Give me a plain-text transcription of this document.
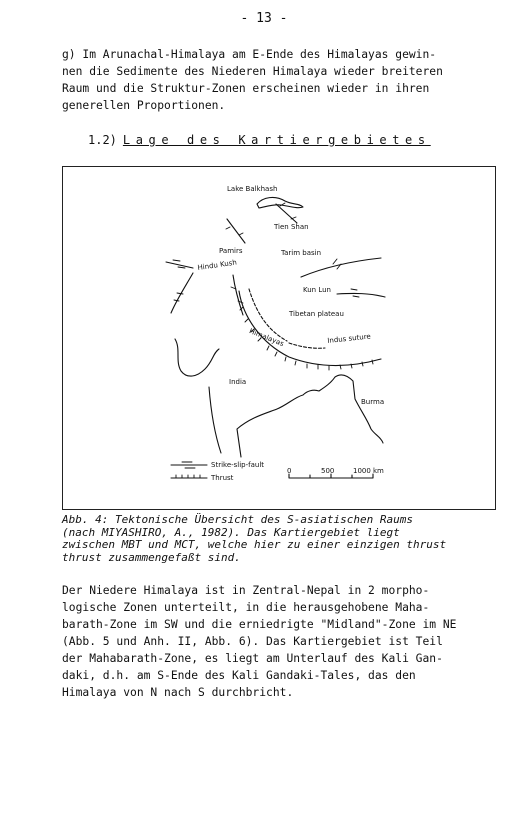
- 13 -
g) Im Arunachal-Himalaya am E-Ende des Himalayas gewin-
nen die Sedimente des Niederen Himalaya wieder breiteren
Raum und die Struktur-Zonen erscheinen wieder in ihren
generellen Proportionen.
1.2) Lage des Kartiergebietes
Lake Balkhash
Tien Shan
Pamirs	Tarim basin
Hindu Kush
Kun Lun
Tibetan plateau
Himalayas	Indus suture
India
Burma
Strike-slip-fault
Thrust
0	500	1000 km
Abb. 4: Tektonische Übersicht des S-asiatischen Raums
(nach MIYASHIRO, A., 1982). Das Kartiergebiet liegt
zwischen MBT und MCT, welche hier zu einer einzigen thrust
thrust zusammengefaßt sind.
Der Niedere Himalaya ist in Zentral-Nepal in 2 morpho-
logische Zonen unterteilt, in die herausgehobene Maha-
barath-Zone im SW und die erniedrigte "Midland"-Zone im NE
(Abb. 5 und Anh. II, Abb. 6). Das Kartiergebiet ist Teil
der Mahabarath-Zone, es liegt am Unterlauf des Kali Gan-
daki, d.h. am S-Ende des Kali Gandaki-Tales, das den
Himalaya von N nach S durchbricht.
